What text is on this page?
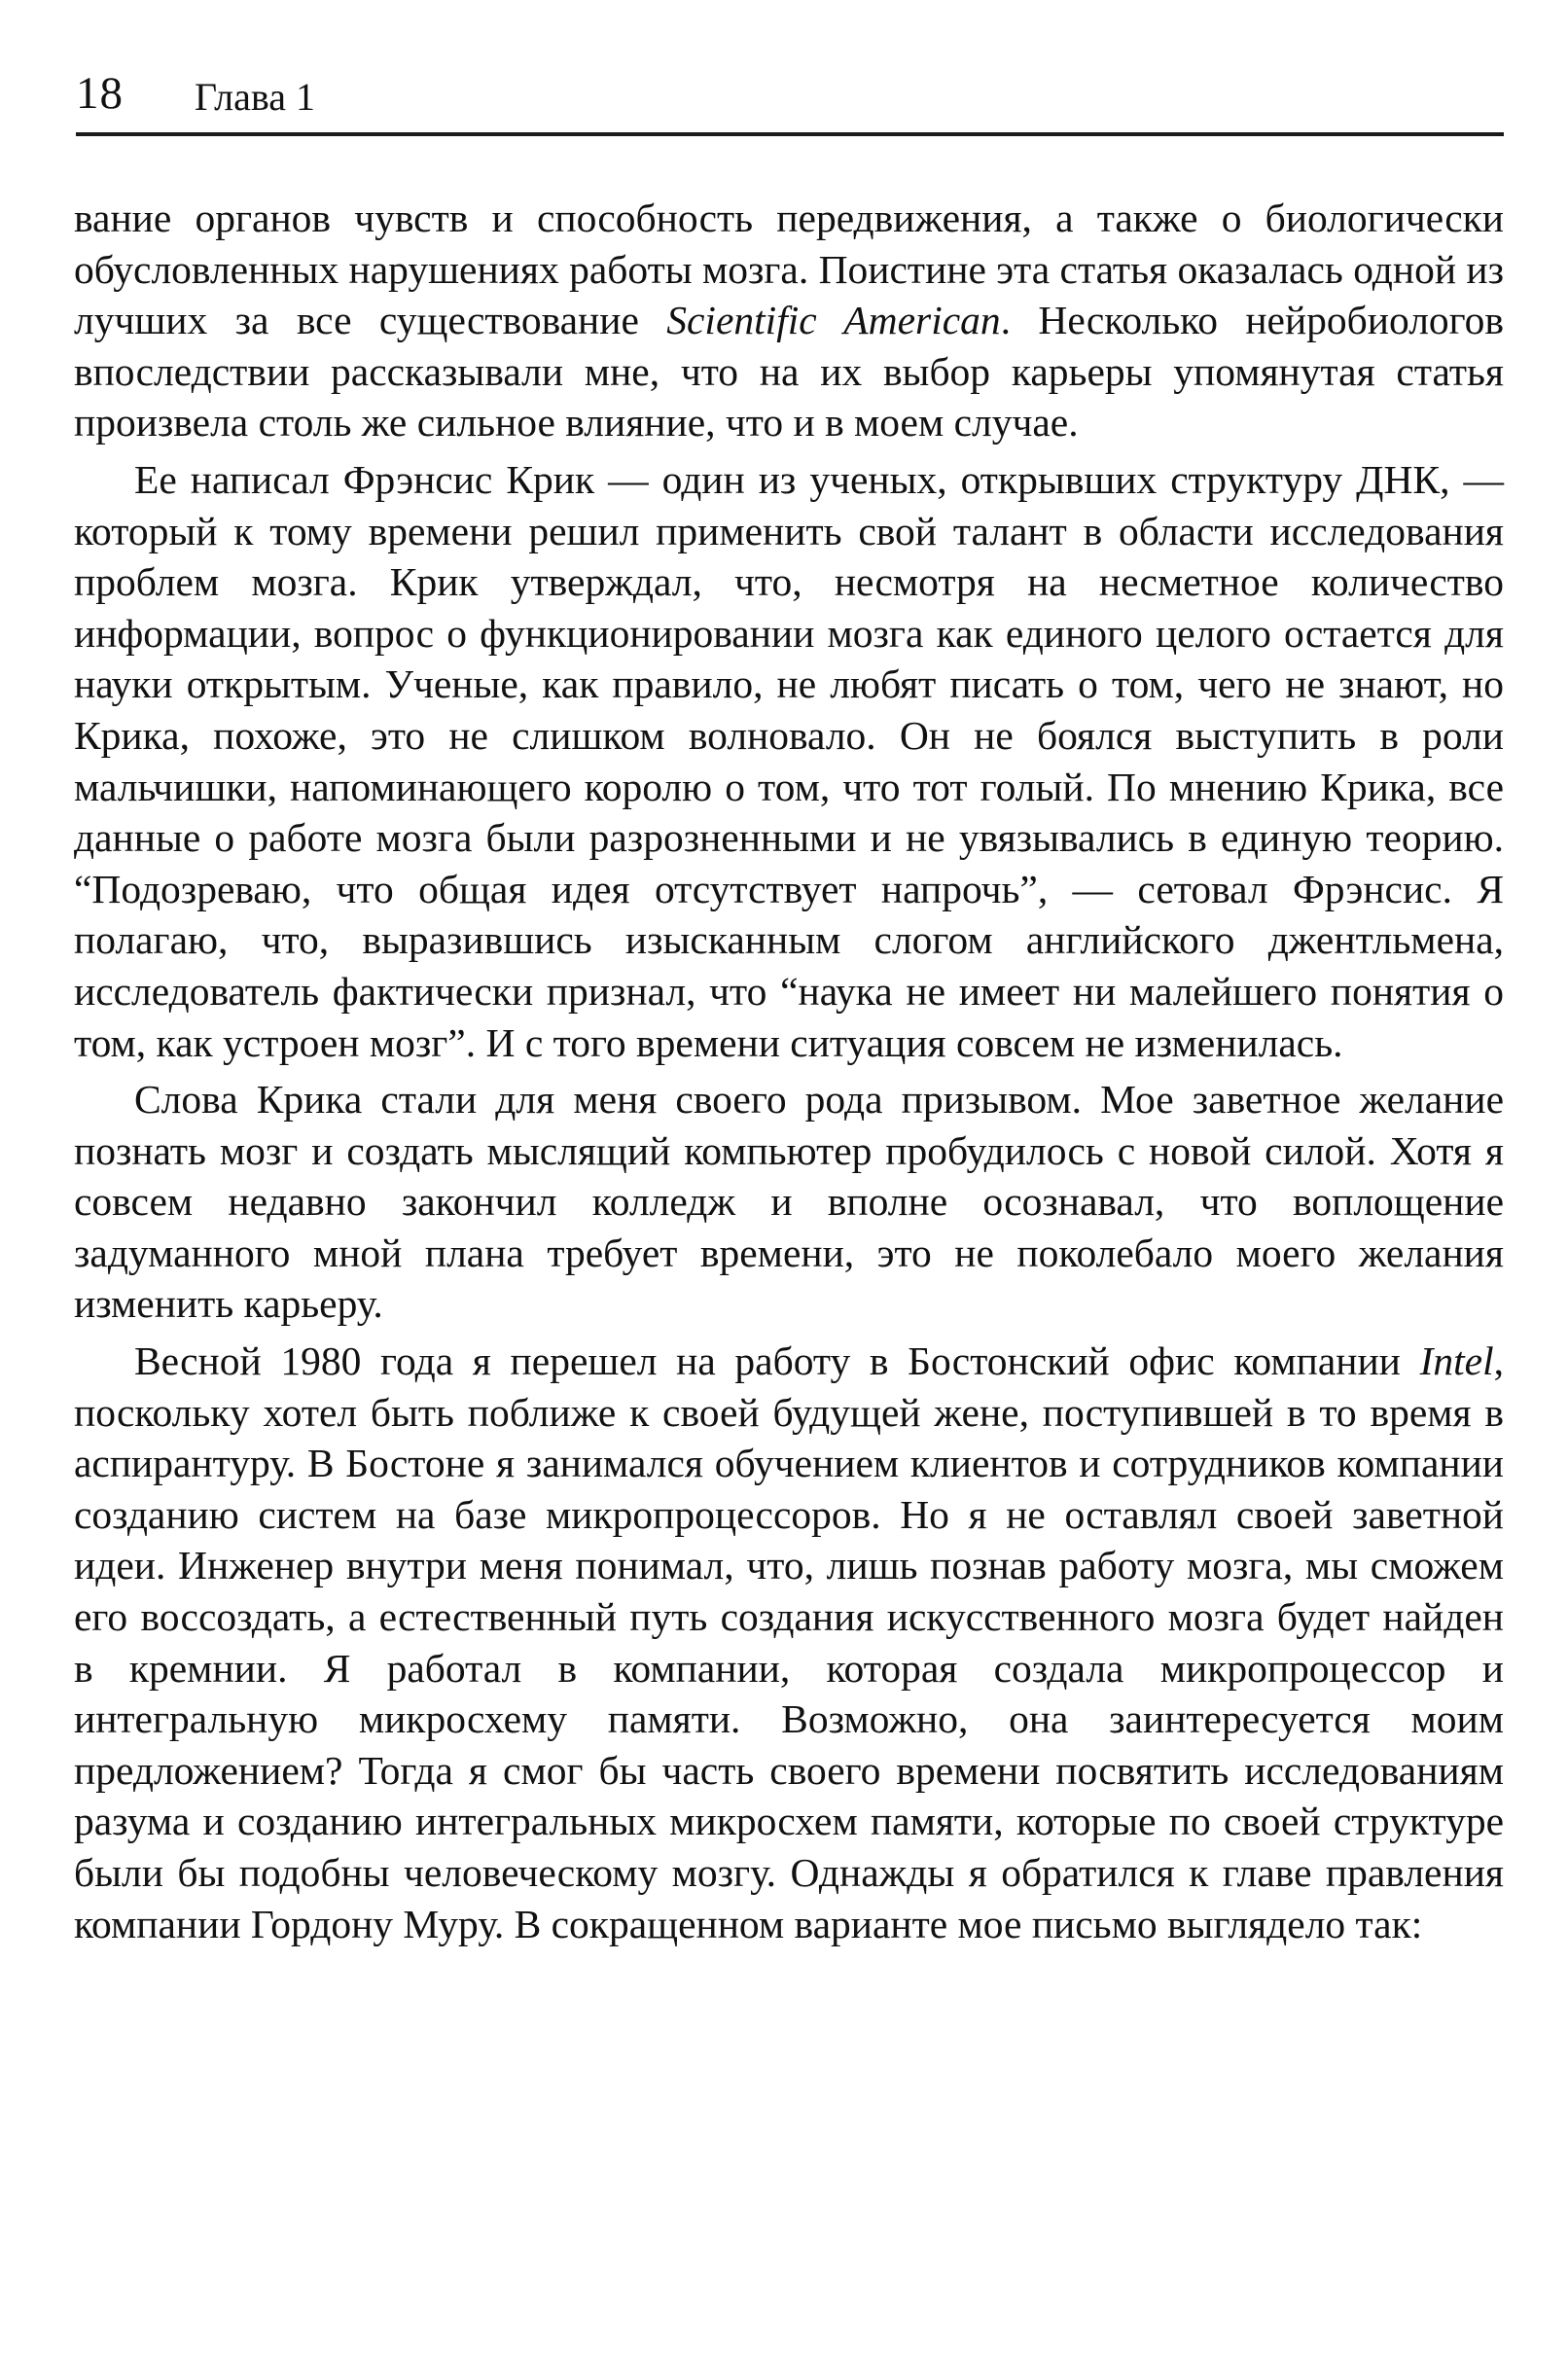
18 Глава 1

вание органов чувств и способность передвижения, а также о биологически обусловленных нарушениях работы мозга. Поистине эта статья оказалась одной из лучших за все существование Scientific American. Несколько нейробиологов впоследствии рассказывали мне, что на их выбор карьеры упомянутая статья произвела столь же сильное влияние, что и в моем случае.

Ее написал Фрэнсис Крик — один из ученых, открывших структуру ДНК, — который к тому времени решил применить свой талант в области исследования проблем мозга. Крик утверждал, что, несмотря на несметное количество информации, вопрос о функционировании мозга как единого целого остается для науки открытым. Ученые, как правило, не любят писать о том, чего не знают, но Крика, похоже, это не слишком волновало. Он не боялся выступить в роли мальчишки, напоминающего королю о том, что тот голый. По мнению Крика, все данные о работе мозга были разрозненными и не увязывались в единую теорию. “Подозреваю, что общая идея отсутствует напрочь”, — сетовал Фрэнсис. Я полагаю, что, выразившись изысканным слогом английского джентльмена, исследователь фактически признал, что “наука не имеет ни малейшего понятия о том, как устроен мозг”. И с того времени ситуация совсем не изменилась.

Слова Крика стали для меня своего рода призывом. Мое заветное желание познать мозг и создать мыслящий компьютер пробудилось с новой силой. Хотя я совсем недавно закончил колледж и вполне осознавал, что воплощение задуманного мной плана требует времени, это не поколебало моего желания изменить карьеру.

Весной 1980 года я перешел на работу в Бостонский офис компании Intel, поскольку хотел быть поближе к своей будущей жене, поступившей в то время в аспирантуру. В Бостоне я занимался обучением клиентов и сотрудников компании созданию систем на базе микропроцессоров. Но я не оставлял своей заветной идеи. Инженер внутри меня понимал, что, лишь познав работу мозга, мы сможем его воссоздать, а естественный путь создания искусственного мозга будет найден в кремнии. Я работал в компании, которая создала микропроцессор и интегральную микросхему памяти. Возможно, она заинтересуется моим предложением? Тогда я смог бы часть своего времени посвятить исследованиям разума и созданию интегральных микросхем памяти, которые по своей структуре были бы подобны человеческому мозгу. Однажды я обратился к главе правления компании Гордону Муру. В сокращенном варианте мое письмо выглядело так:
